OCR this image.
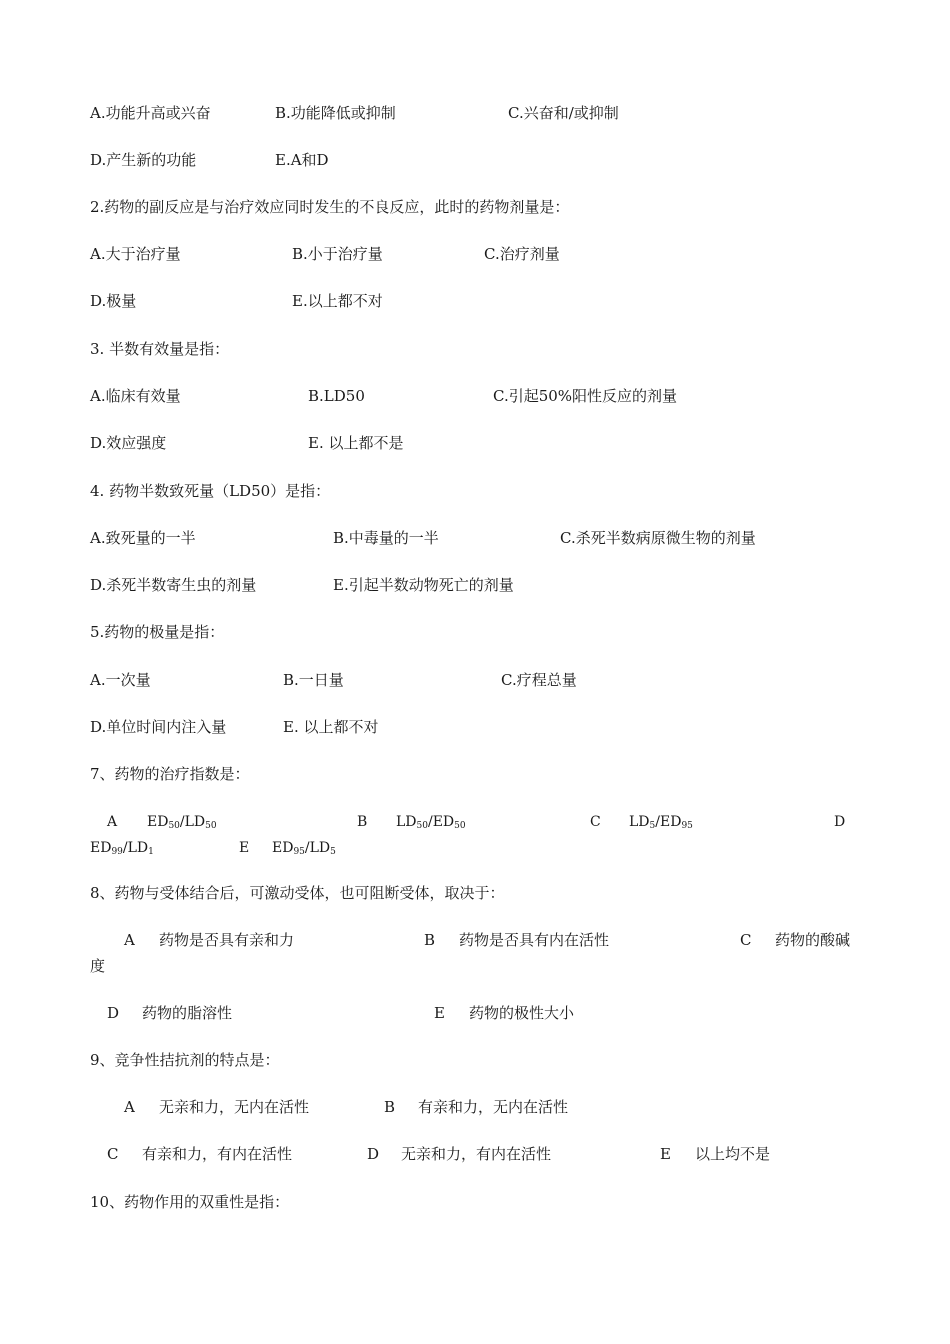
A.功能升高或兴奋	B.功能降低或抑制	C.兴奋和/或抑制
D.产生新的功能	E.A和D
2.药物的副反应是与治疗效应同时发生的不良反应，此时的药物剂量是：
A.大于治疗量	B.小于治疗量	C.治疗剂量
D.极量	E.以上都不对
3. 半数有效量是指：
A.临床有效量	B.LD50	C.引起50%阳性反应的剂量
D.效应强度	E. 以上都不是
4. 药物半数致死量（LD50）是指：
A.致死量的一半	B.中毒量的一半	C.杀死半数病原微生物的剂量
D.杀死半数寄生虫的剂量	E.引起半数动物死亡的剂量
5.药物的极量是指：
A.一次量	B.一日量	C.疗程总量
D.单位时间内注入量	E. 以上都不对
7、药物的治疗指数是：
A $ED_{50}/LD_{50}$	B $LD_{50}/ED_{50}$	C $LD_5/ED_{95}$	D
$ED_{99}/LD_1$	E $ED_{95}/LD_5$
8、药物与受体结合后，可激动受体，也可阻断受体，取决于：
A 药物是否具有亲和力	B 药物是否具有内在活性	C 药物的酸碱
度
D 药物的脂溶性	E 药物的极性大小
9、竞争性拮抗剂的特点是：
A 无亲和力，无内在活性	B 有亲和力，无内在活性
C 有亲和力，有内在活性	D 无亲和力，有内在活性	E 以上均不是
10、药物作用的双重性是指：
